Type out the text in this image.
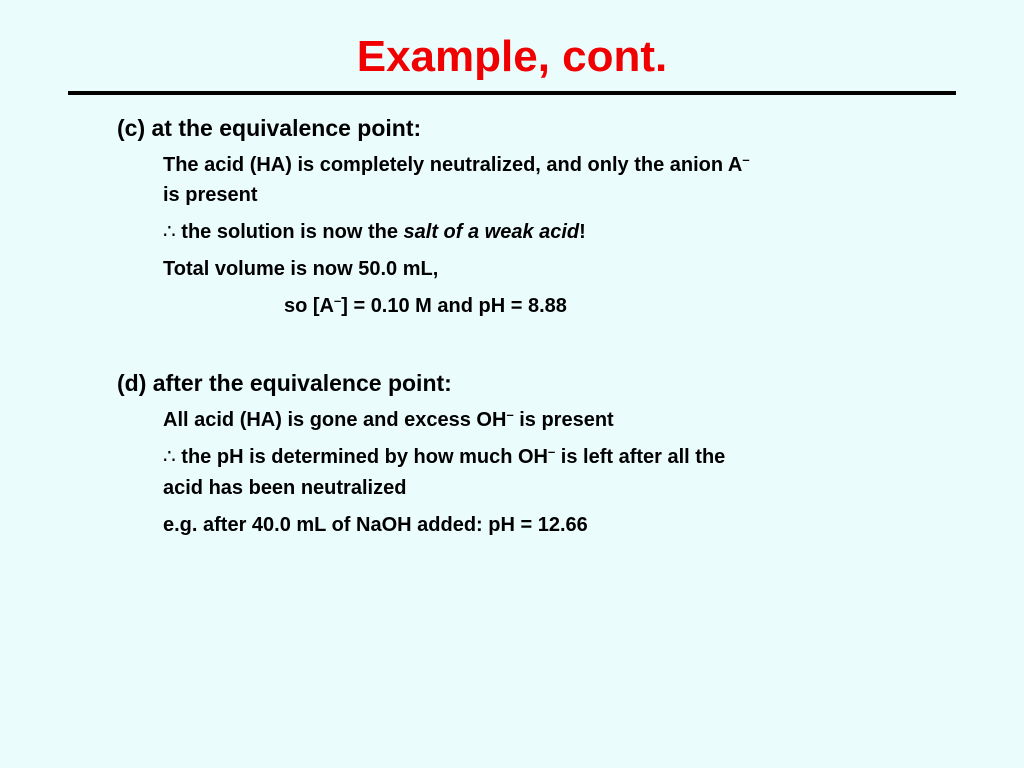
Example, cont.
(c) at the equivalence point:
The acid (HA) is completely neutralized, and only the anion A–
is present
∴ the solution is now the salt of a weak acid!
Total volume is now 50.0 mL,
so [A–] = 0.10 M and pH = 8.88
(d) after the equivalence point:
All acid (HA) is gone and excess OH– is present
∴ the pH is determined by how much OH– is left after all the
acid has been neutralized
e.g. after 40.0 mL of NaOH added: pH = 12.66
